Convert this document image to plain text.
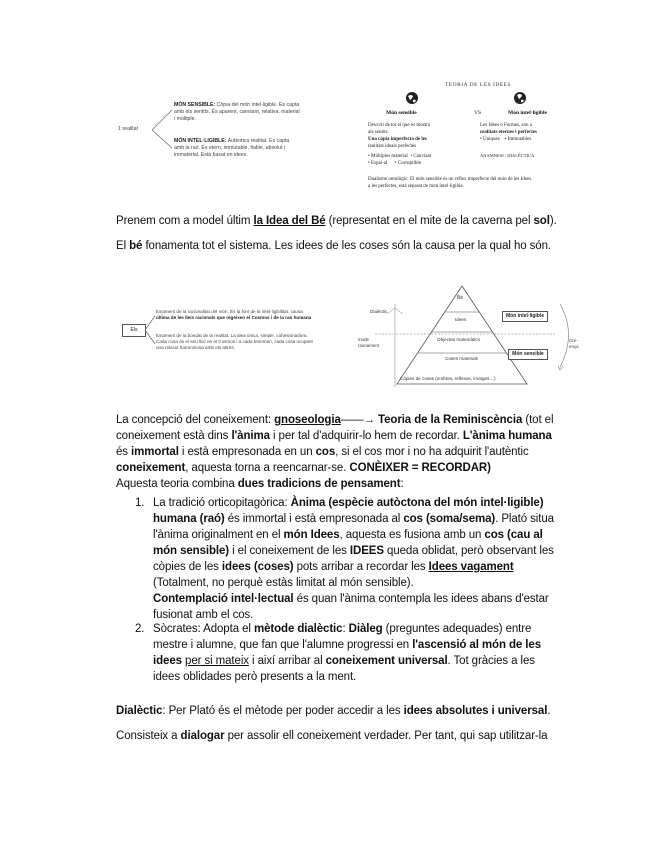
1 realitat
MÓN SENSIBLE: Còpia del món intel·ligible. Es capta
amb els sentits. És aparent, canviant, relativa, material
i múltiple.
MÓN INTEL·LIGIBLE: Autèntica realitat. Es capta
amb la raó. És etern, immutable, fiable, absolut i
immaterial. Està basat en idees.
TEORIA DE LES IDEES
Món sensible	VS	Món intel·ligible
Des/crit de tot el que es mostra
als sentits.
Una còpia imperfecta de les
realitats ideals perfectes
• Múltiples material • Canviant
• Espai-al • Corruptible
Les Idees o Formes, són a
realitats eternes i perfectes
• Úniques • Immutables
ANAMNESI / DIALÈCTICA
Dualisme ontològic: El món sensible és un reflex imperfecte del món de les Idees
a les perfectes, està separat de mon intel·ligible.
Prenem com a model últim la Idea del Bé (representat en el mite de la caverna pel sol).
El bé fonamenta tot el sistema. Les idees de les coses són la causa per la qual ho són.
Els
fonament de la racionalitat del món. És la font de la intel·ligibilitat, causa
última de les lleis racionals que regeixen el Cosmos i de la raó humana
fonament de la bondat de la realitat. La idea única, simple, cohesionadora.
Cada cosa és el seu lloc en el Cosmos i a cada fenomen, cada cosa ocupant
una relació harmoniosa amb els altres.
Bé
Idees
Objectes matemàtics
Coses materials
Còpies de coses (ombres, reflexos, imatges…)
Dialèctic
mode
raonament
Món intel·ligible
Món sensible
Cre-
ença
La concepció del coneixement: gnoseologia——→ Teoria de la Reminiscència (tot el
coneixement està dins l'ànima i per tal d'adquirir-lo hem de recordar. L'ànima humana
és immortal i està empresonada en un cos, si el cos mor i no ha adquirit l'autèntic
coneixement, aquesta torna a reencarnar-se. CONÈIXER = RECORDAR)
Aquesta teoria combina dues tradicions de pensament:
1. La tradició orticopitagòrica: Ànima (espècie autòctona del món intel·ligible)
humana (raó) és immortal i està empresonada al cos (soma/sema). Plató situa
l'ànima originalment en el món Idees, aquesta es fusiona amb un cos (cau al
món sensible) i el coneixement de les IDEES queda oblidat, però observant les
còpies de les idees (coses) pots arribar a recordar les Idees vagament
(Totalment, no perquè estàs limitat al món sensible).
Contemplació intel·lectual és quan l'ànima contempla les idees abans d'estar
fusionat amb el cos.
2. Sòcrates: Adopta el mètode dialèctic: Diàleg (preguntes adequades) entre
mestre i alumne, que fan que l'alumne progressi en l'ascensió al món de les
idees per si mateix i així arribar al coneixement universal. Tot gràcies a les
idees oblidades però presents a la ment.
Dialèctic: Per Plató és el mètode per poder accedir a les idees absolutes i universal.
Consisteix a dialogar per assolir ell coneixement verdader. Per tant, qui sap utilitzar-la
